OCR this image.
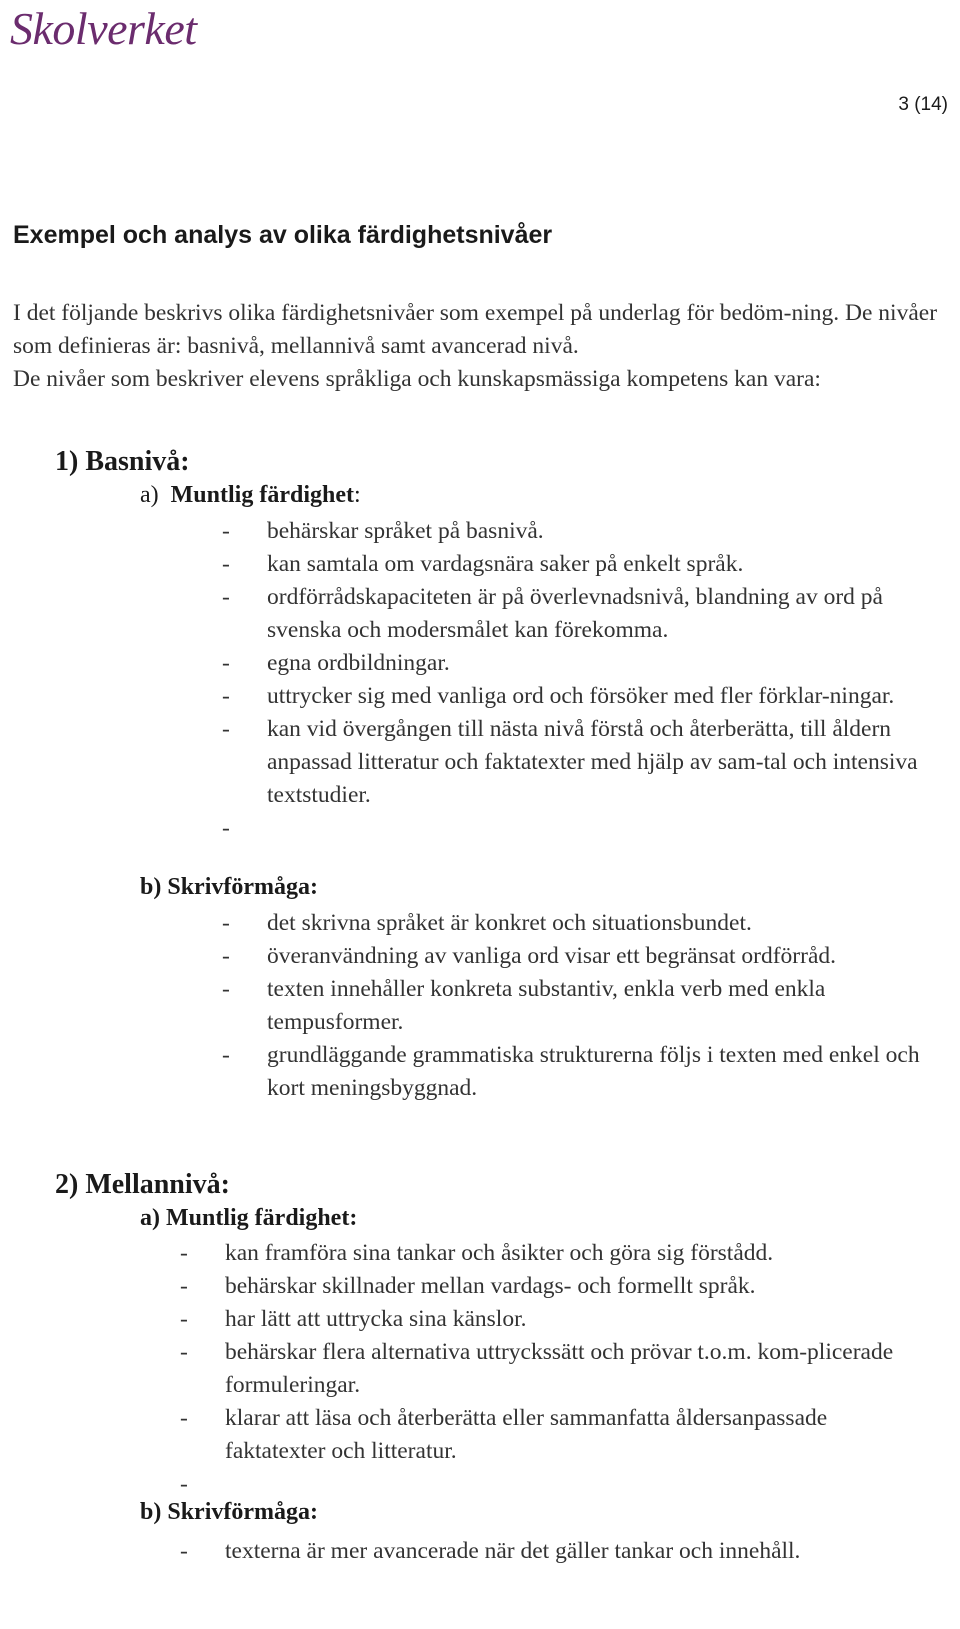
Skolverket
3 (14)
Exempel och analys av olika färdighetsnivåer

I det följande beskrivs olika färdighetsnivåer som exempel på underlag för bedöm-ning. De nivåer som definieras är: basnivå, mellannivå samt avancerad nivå.

De nivåer som beskriver elevens språkliga och kunskapsmässiga kompetens kan vara:

1) Basnivå:
a) Muntlig färdighet:
- behärskar språket på basnivå.
- kan samtala om vardagsnära saker på enkelt språk.
- ordförrådskapaciteten är på överlevnadsnivå, blandning av ord på svenska och modersmålet kan förekomma.
- egna ordbildningar.
- uttrycker sig med vanliga ord och försöker med fler förklar-ningar.
- kan vid övergången till nästa nivå förstå och återberätta, till åldern anpassad litteratur och faktatexter med hjälp av sam-tal och intensiva textstudier.
-
b) Skrivförmåga:
- det skrivna språket är konkret och situationsbundet.
- överanvändning av vanliga ord visar ett begränsat ordförråd.
- texten innehåller konkreta substantiv, enkla verb med enkla tempusformer.
- grundläggande grammatiska strukturerna följs i texten med enkel och kort meningsbyggnad.
2) Mellannivå:
a) Muntlig färdighet:
- kan framföra sina tankar och åsikter och göra sig förstådd.
- behärskar skillnader mellan vardags- och formellt språk.
- har lätt att uttrycka sina känslor.
- behärskar flera alternativa uttryckssätt och prövar t.o.m. kom-plicerade formuleringar.
- klarar att läsa och återberätta eller sammanfatta åldersanpassade faktatexter och litteratur.
-
b) Skrivförmåga:
- texterna är mer avancerade när det gäller tankar och innehåll.
